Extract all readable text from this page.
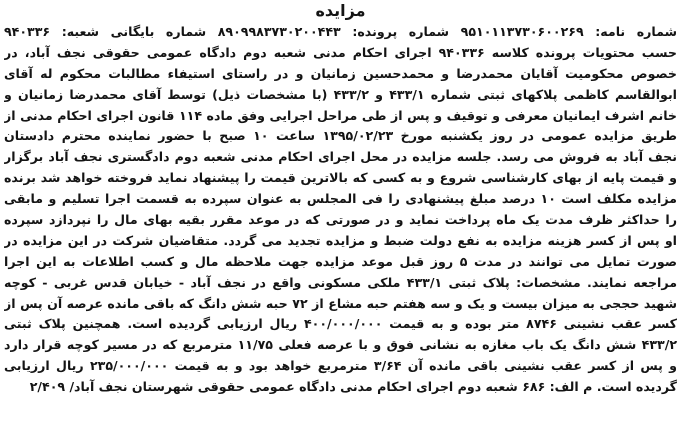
مزایده
شماره نامه: ۹۵۱۰۱۱۳۷۳۰۶۰۰۲۶۹ شماره پرونده: ۸۹۰۹۹۸۳۷۳۰۲۰۰۴۴۳ شماره بایگانی شعبه: ۹۴۰۳۳۶
حسب محتویات پرونده کلاسه ۹۴۰۳۳۶ اجرای احکام مدنی شعبه دوم دادگاه عمومی حقوقی نجف آباد، در
خصوص محکومیت آقایان محمدرضا و محمدحسین زمانیان و در راستای استیفاء مطالبات محکوم له آقای
ابوالقاسم کاظمی پلاکهای ثبتی شماره ۴۳۳/۱ و ۴۳۳/۲ (با مشخصات ذیل) توسط آقای محمدرضا زمانیان و
خانم اشرف ایمانیان معرفی و توقیف و پس از طی مراحل اجرایی وفق ماده ۱۱۴ قانون اجرای احکام مدنی از
طریق مزایده عمومی در روز یکشنبه مورخ ۱۳۹۵/۰۲/۲۳ ساعت ۱۰ صبح با حضور نماینده محترم دادستان
نجف آباد به فروش می رسد. جلسه مزایده در محل اجرای احکام مدنی شعبه دوم دادگستری نجف آباد برگزار
و قیمت پایه از بهای کارشناسی شروع و به کسی که بالاترین قیمت را پیشنهاد نماید فروخته خواهد شد برنده
مزایده مکلف است ۱۰ درصد مبلغ پیشنهادی را فی المجلس به عنوان سپرده به قسمت اجرا تسلیم و مابقی
را حداکثر ظرف مدت یک ماه پرداخت نماید و در صورتی که در موعد مقرر بقیه بهای مال را نپردازد سپرده
او پس از کسر هزینه مزایده به نفع دولت ضبط و مزایده تجدید می گردد. متقاضیان شرکت در این مزایده در
صورت تمایل می توانند در مدت ۵ روز قبل موعد مزایده جهت ملاحظه مال و کسب اطلاعات به این اجرا
مراجعه نمایند. مشخصات: پلاک ثبتی ۴۳۳/۱ ملکی مسکونی واقع در نجف آباد - خیابان قدس غربی - کوچه
شهید حججی به میزان بیست و یک و سه هفتم حبه مشاع از ۷۲ حبه شش دانگ که باقی مانده عرصه آن پس از
کسر عقب نشینی ۸۷۴۶ متر بوده و به قیمت ۴۰۰/۰۰۰/۰۰۰ ریال ارزیابی گردیده است. همچنین پلاک ثبتی
۴۳۳/۲ شش دانگ یک باب مغازه به نشانی فوق و با عرصه فعلی ۱۱/۷۵ مترمربع که در مسیر کوچه قرار دارد
و پس از کسر عقب نشینی باقی مانده آن ۳/۶۴ مترمربع خواهد بود و به قیمت ۲۳۵/۰۰۰/۰۰۰ ریال ارزیابی
گردیده است. م الف: ۶۸۶ شعبه دوم اجرای احکام مدنی دادگاه عمومی حقوقی شهرستان نجف آباد/ ۲/۴۰۹
